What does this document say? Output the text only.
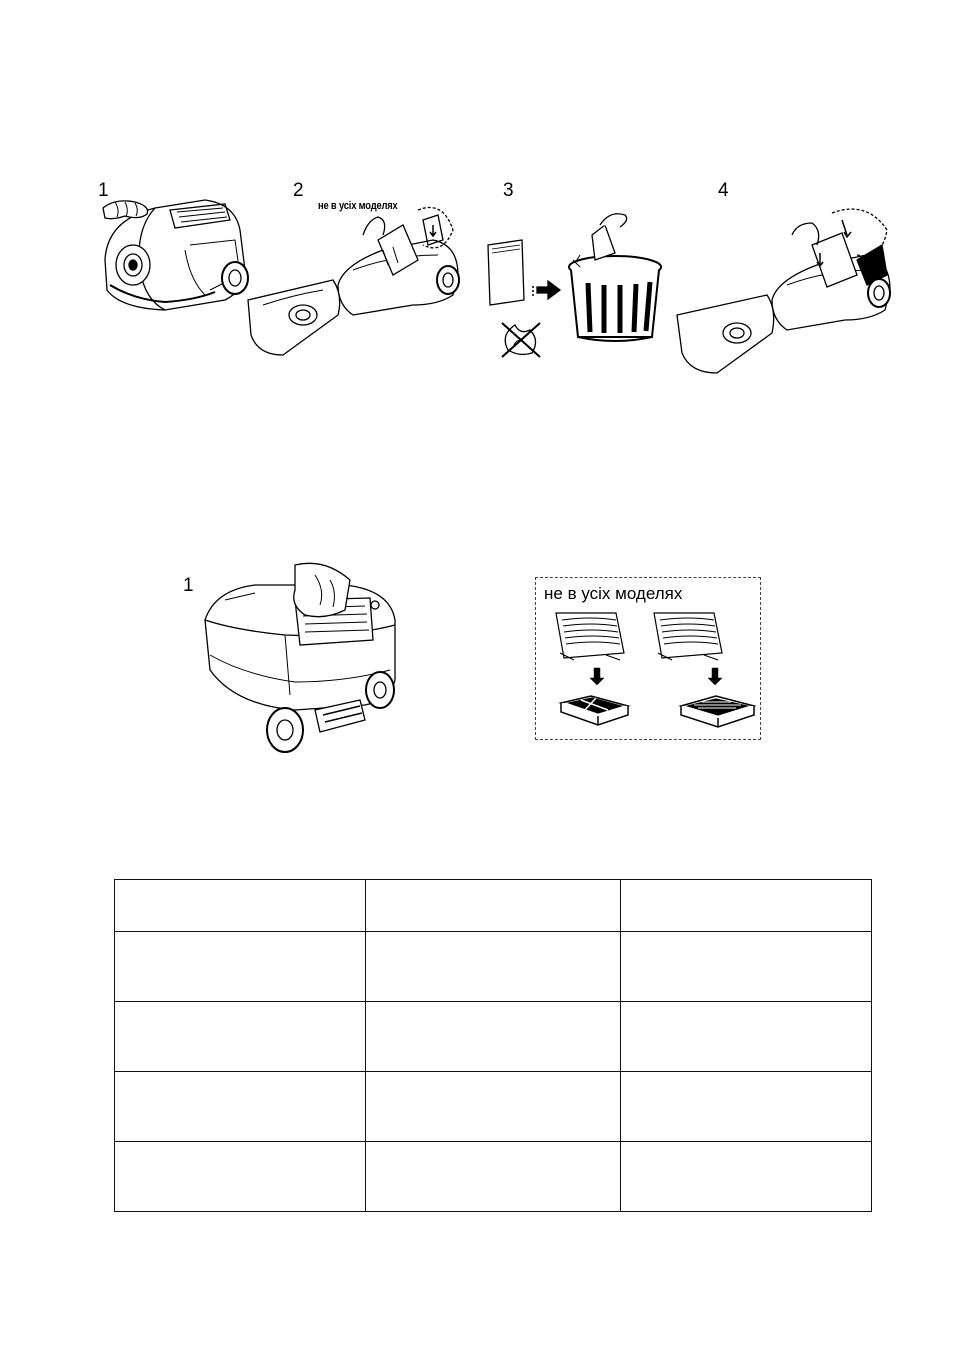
1	2	3	4
не в усіх моделях
1	не в усіх моделях
